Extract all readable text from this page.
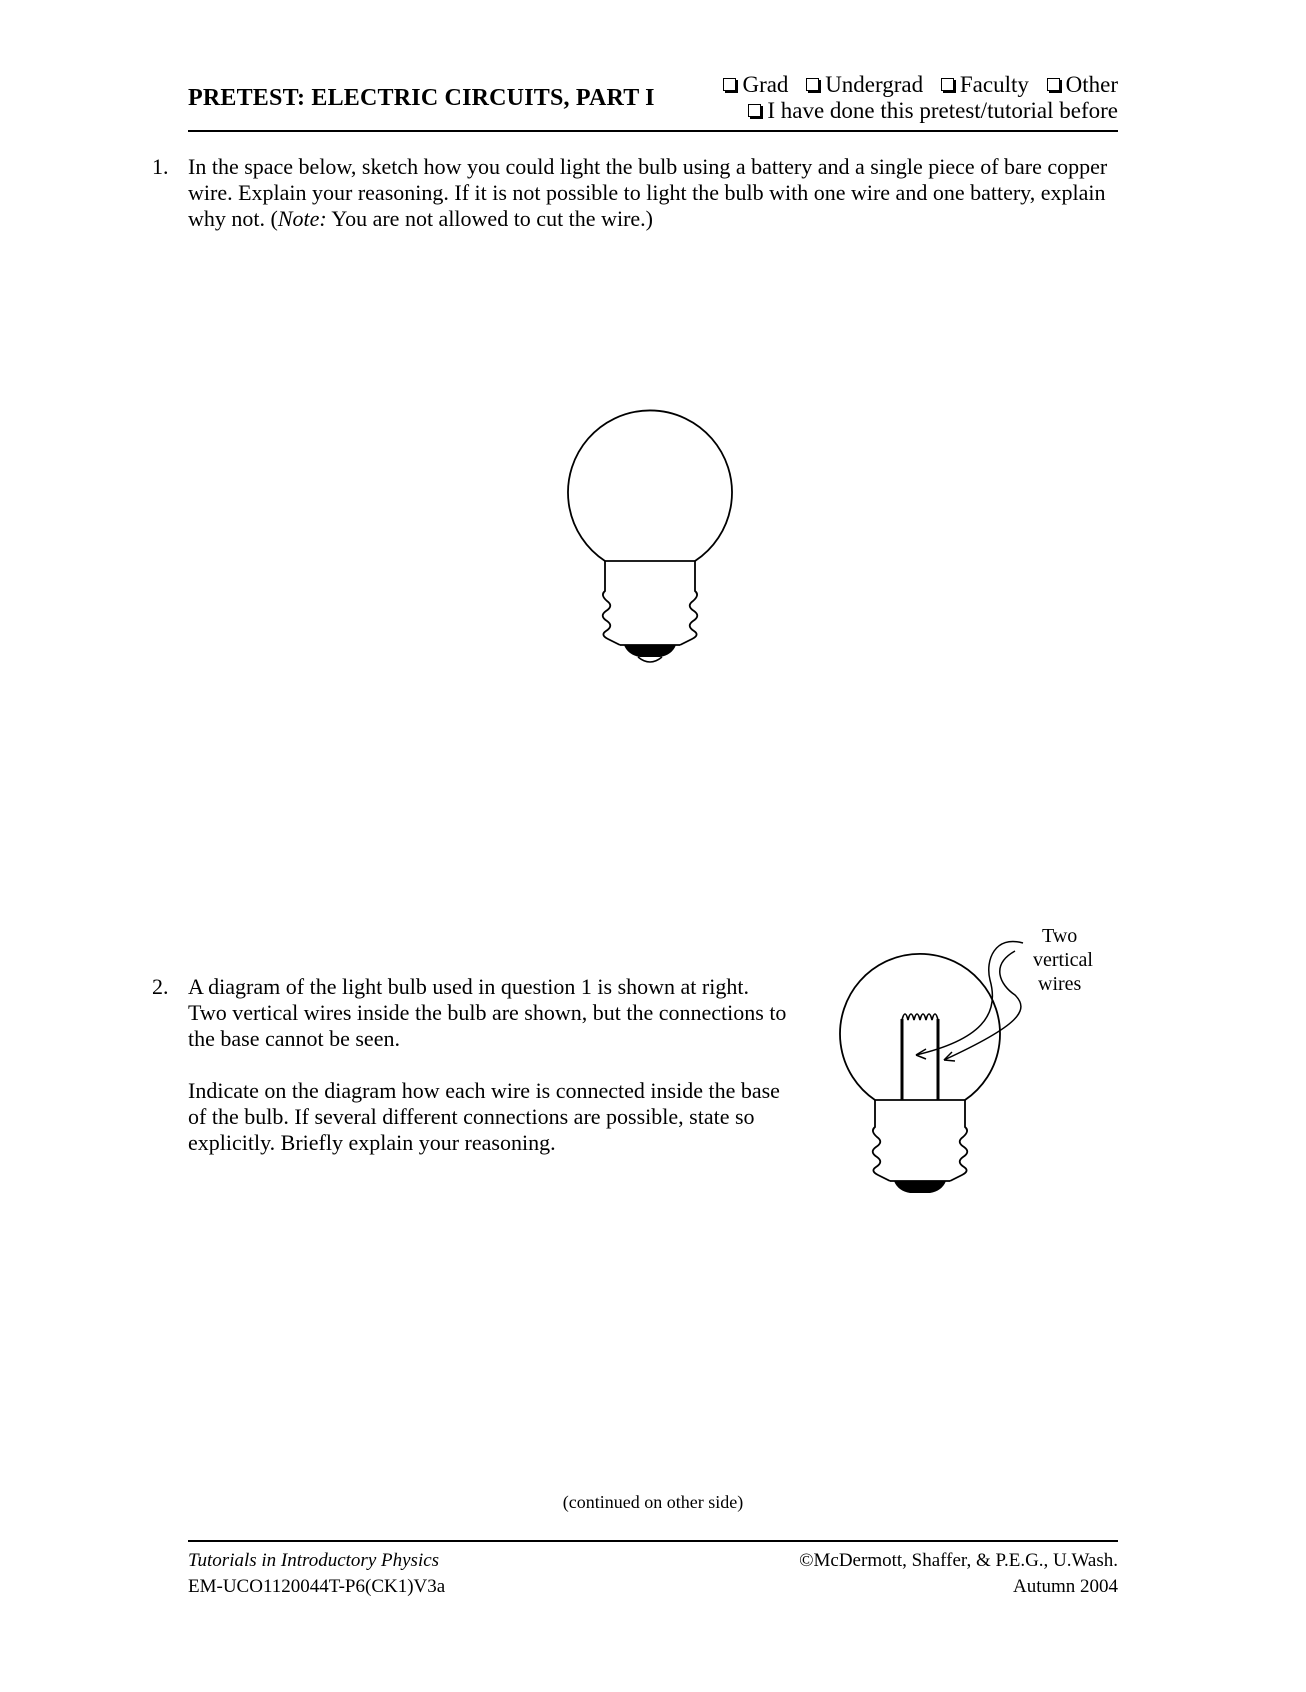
PRETEST: ELECTRIC CIRCUITS, PART I
Grad Undergrad Faculty Other
I have done this pretest/tutorial before
1. In the space below, sketch how you could light the bulb using a battery and a single piece of bare copper wire. Explain your reasoning. If it is not possible to light the bulb with one wire and one battery, explain why not. (Note: You are not allowed to cut the wire.)
2. A diagram of the light bulb used in question 1 is shown at right. Two vertical wires inside the bulb are shown, but the connections to the base cannot be seen.

Indicate on the diagram how each wire is connected inside the base of the bulb. If several different connections are possible, state so explicitly. Briefly explain your reasoning.

Two
vertical
wires
(continued on other side)
Tutorials in Introductory Physics
EM-UCO1120044T-P6(CK1)V3a
©McDermott, Shaffer, & P.E.G., U.Wash.
Autumn 2004
